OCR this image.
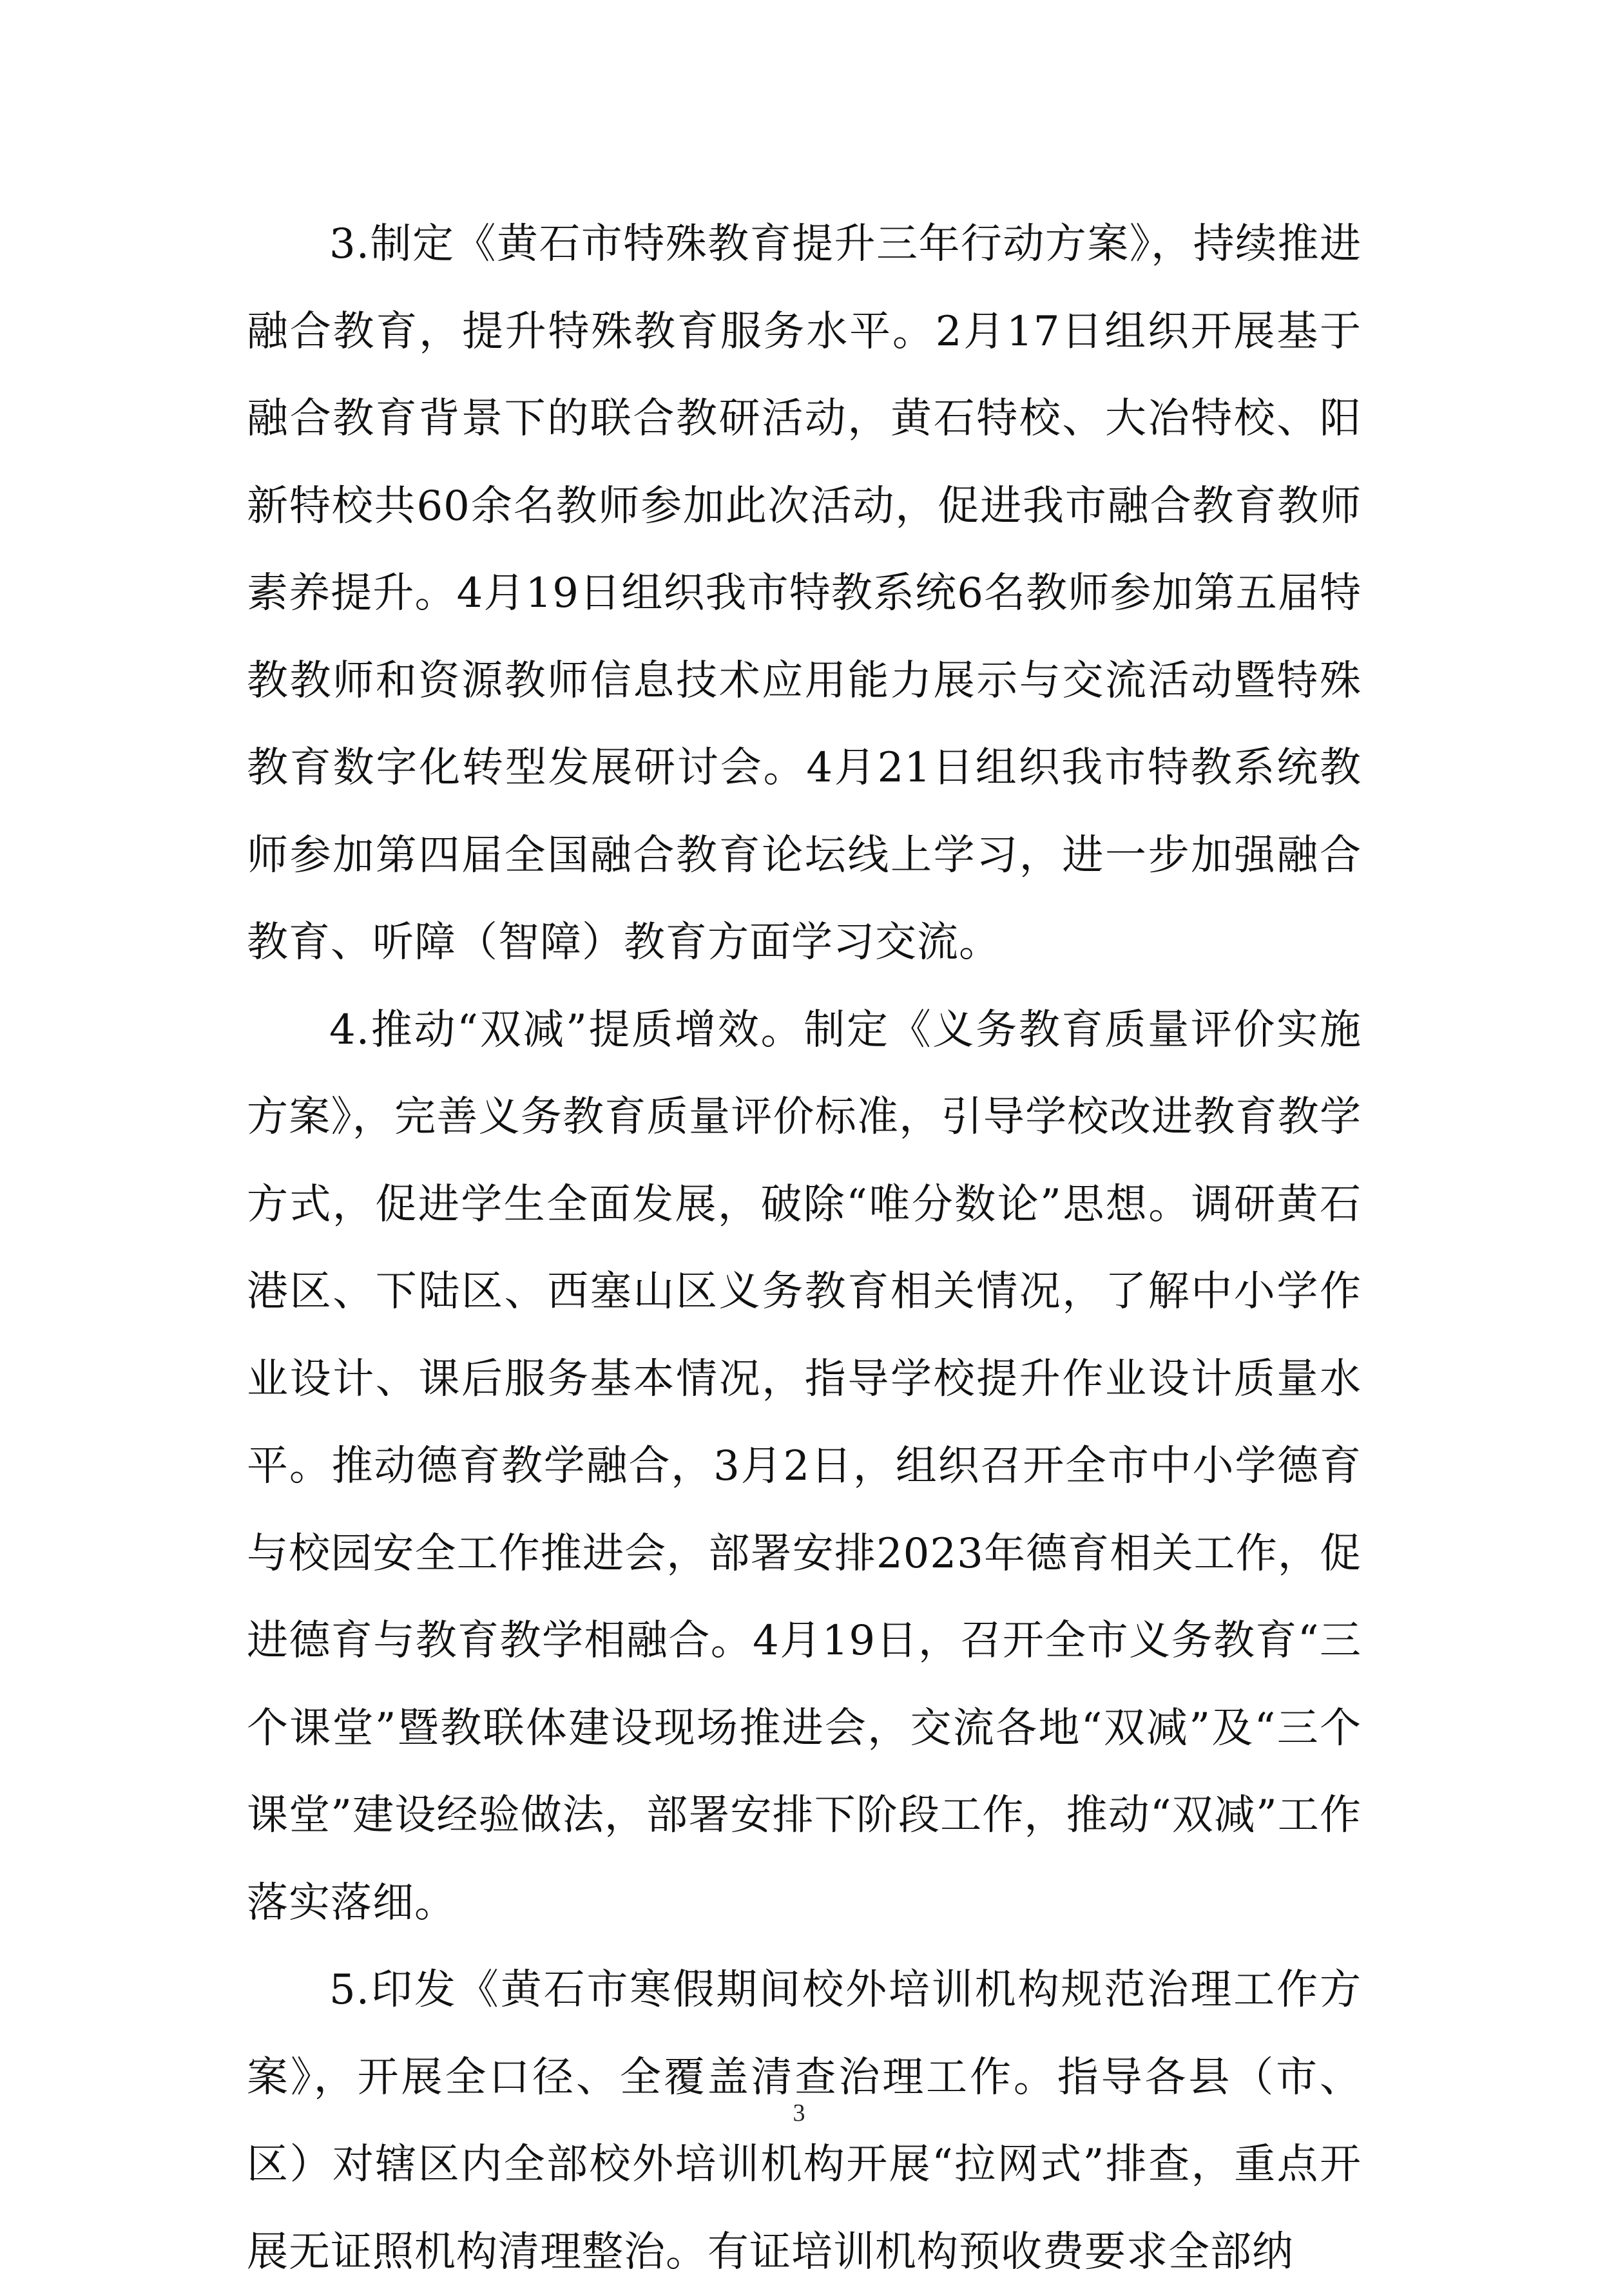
3.制定《黄石市特殊教育提升三年行动方案》，持续推进融合教育，提升特殊教育服务水平。2月17日组织开展基于融合教育背景下的联合教研活动，黄石特校、大冶特校、阳新特校共60余名教师参加此次活动，促进我市融合教育教师素养提升。4月19日组织我市特教系统6名教师参加第五届特教教师和资源教师信息技术应用能力展示与交流活动暨特殊教育数字化转型发展研讨会。4月21日组织我市特教系统教师参加第四届全国融合教育论坛线上学习，进一步加强融合教育、听障（智障）教育方面学习交流。

4.推动“双减”提质增效。制定《义务教育质量评价实施方案》，完善义务教育质量评价标准，引导学校改进教育教学方式，促进学生全面发展，破除“唯分数论”思想。调研黄石港区、下陆区、西塞山区义务教育相关情况，了解中小学作业设计、课后服务基本情况，指导学校提升作业设计质量水平。推动德育教学融合，3月2日，组织召开全市中小学德育与校园安全工作推进会，部署安排2023年德育相关工作，促进德育与教育教学相融合。4月19日，召开全市义务教育“三个课堂”暨教联体建设现场推进会，交流各地“双减”及“三个课堂”建设经验做法，部署安排下阶段工作，推动“双减”工作落实落细。

5.印发《黄石市寒假期间校外培训机构规范治理工作方案》，开展全口径、全覆盖清查治理工作。指导各县（市、区）对辖区内全部校外培训机构开展“拉网式”排查，重点开展无证照机构清理整治。有证培训机构预收费要求全部纳

3
